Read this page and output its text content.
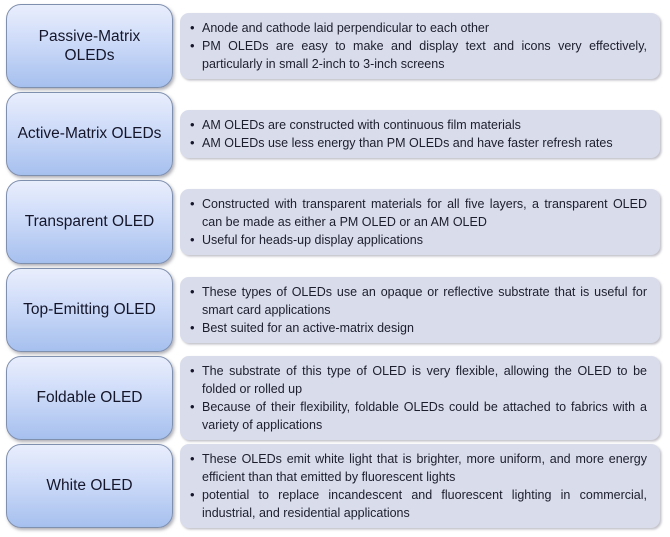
Passive-Matrix OLEDs
• Anode and cathode laid perpendicular to each other
• PM OLEDs are easy to make and display text and icons very effectively, particularly in small 2-inch to 3-inch screens
Active-Matrix OLEDs
• AM OLEDs are constructed with continuous film materials
• AM OLEDs use less energy than PM OLEDs and have faster refresh rates
Transparent OLED
• Constructed with transparent materials for all five layers, a transparent OLED can be made as either a PM OLED or an AM OLED
• Useful for heads-up display applications
Top-Emitting OLED
• These types of OLEDs use an opaque or reflective substrate that is useful for smart card applications
• Best suited for an active-matrix design
Foldable OLED
• The substrate of this type of OLED is very flexible, allowing the OLED to be folded or rolled up
• Because of their flexibility, foldable OLEDs could be attached to fabrics with a variety of applications
White OLED
• These OLEDs emit white light that is brighter, more uniform, and more energy efficient than that emitted by fluorescent lights
• potential to replace incandescent and fluorescent lighting in commercial, industrial, and residential applications
